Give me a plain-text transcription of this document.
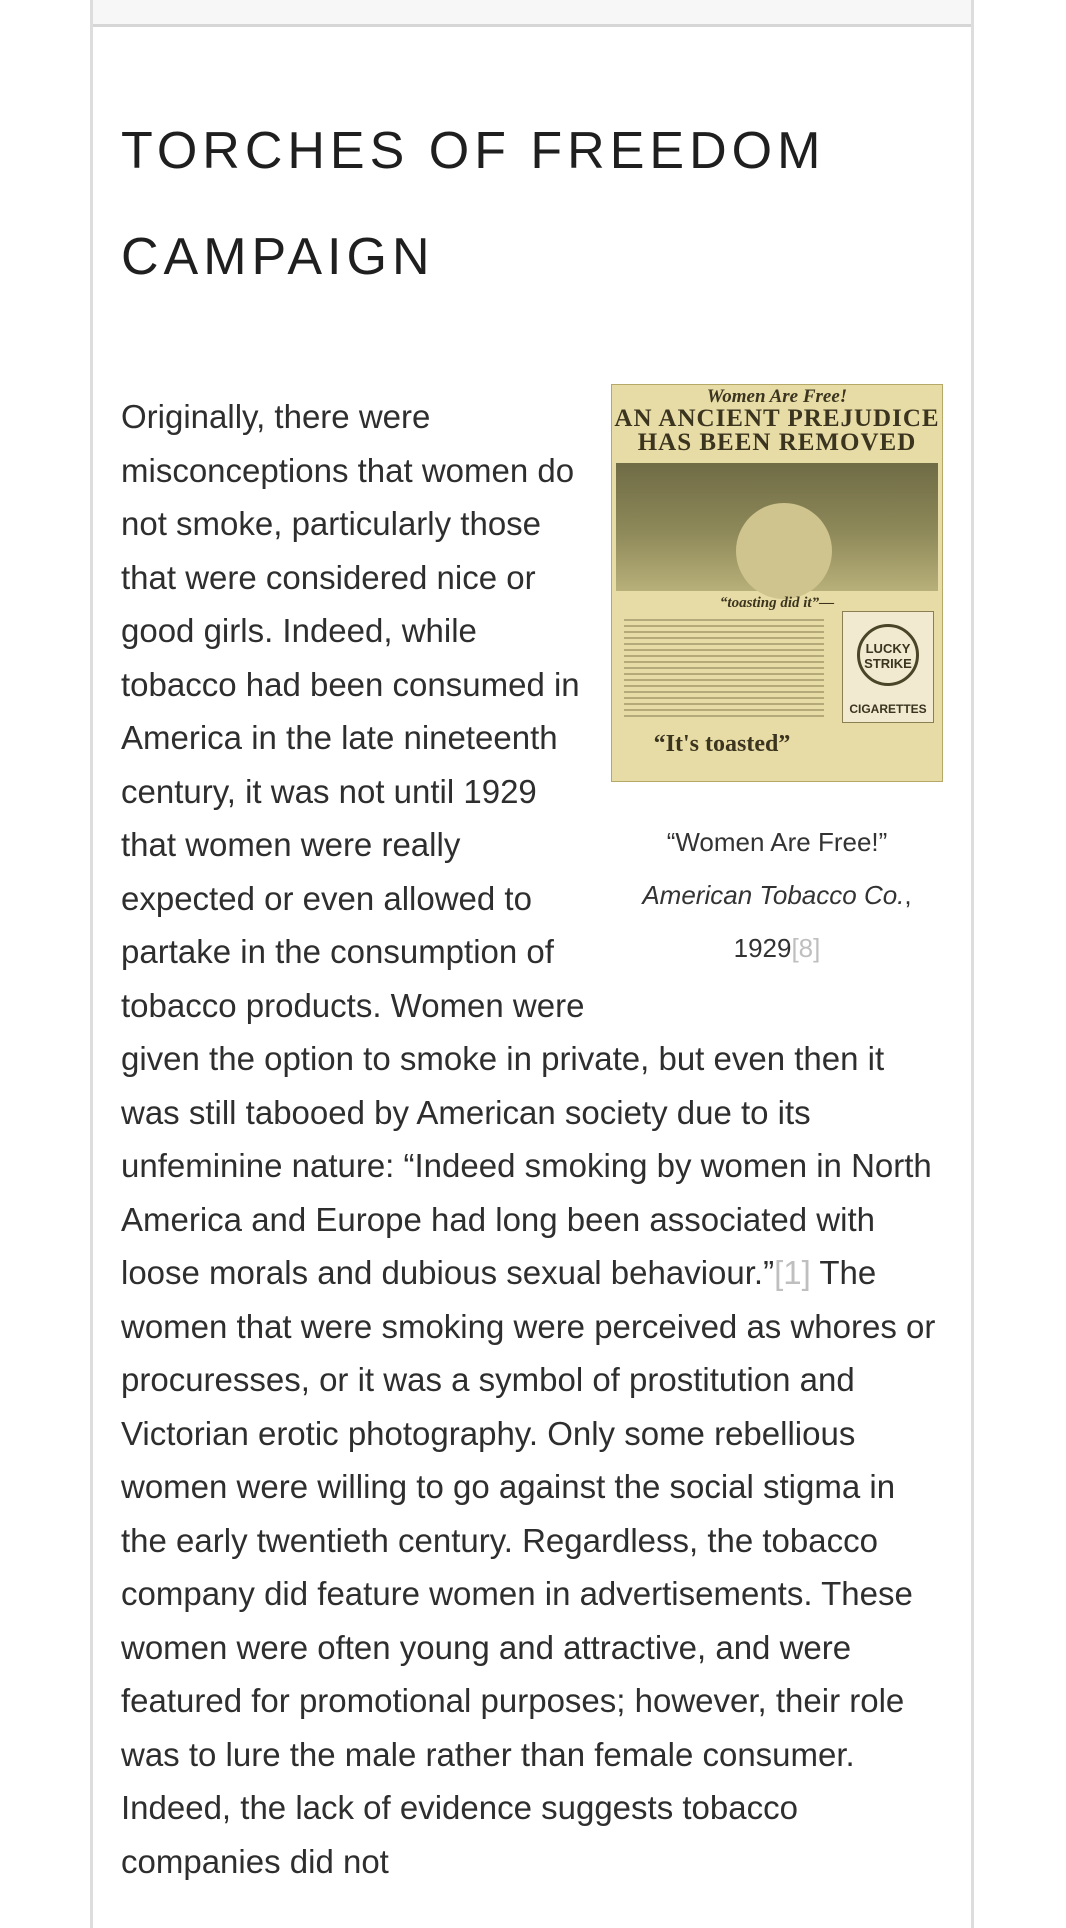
TORCHES OF FREEDOM
CAMPAIGN
Women Are Free!
AN ANCIENT PREJUDICE
HAS BEEN REMOVED
“toasting did it”—
LUCKY
STRIKE
CIGARETTES
“It's toasted”
“Women Are Free!” American Tobacco Co., 1929[8]

Originally, there were misconceptions that women do not smoke, particularly those that were considered nice or good girls. Indeed, while tobacco had been consumed in America in the late nineteenth century, it was not until 1929 that women were really expected or even allowed to partake in the consumption of tobacco products. Women were given the option to smoke in private, but even then it was still tabooed by American society due to its unfeminine nature: “Indeed smoking by women in North America and Europe had long been associated with loose morals and dubious sexual behaviour.”[1] The women that were smoking were perceived as whores or procuresses, or it was a symbol of prostitution and Victorian erotic photography. Only some rebellious women were willing to go against the social stigma in the early twentieth century. Regardless, the tobacco company did feature women in advertisements. These women were often young and attractive, and were featured for promotional purposes; however, their role was to lure the male rather than female consumer. Indeed, the lack of evidence suggests tobacco companies did not
